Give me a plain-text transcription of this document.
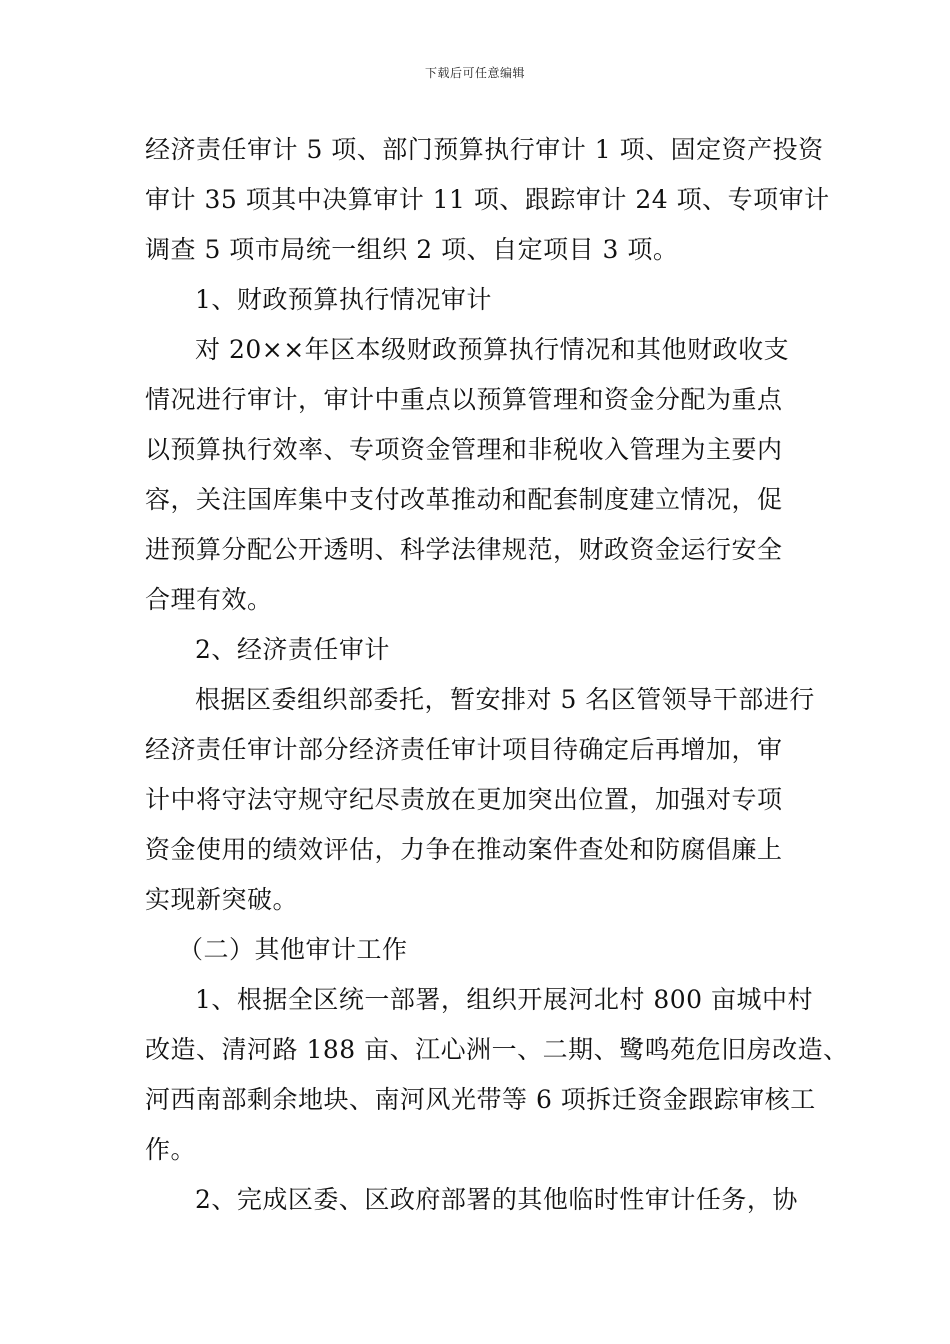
下载后可任意编辑
经济责任审计 5 项、部门预算执行审计 1 项、固定资产投资
审计 35 项其中决算审计 11 项、跟踪审计 24 项、专项审计
调查 5 项市局统一组织 2 项、自定项目 3 项。
1、财政预算执行情况审计
对 20××年区本级财政预算执行情况和其他财政收支
情况进行审计，审计中重点以预算管理和资金分配为重点
以预算执行效率、专项资金管理和非税收入管理为主要内
容，关注国库集中支付改革推动和配套制度建立情况，促
进预算分配公开透明、科学法律规范，财政资金运行安全
合理有效。
2、经济责任审计
根据区委组织部委托，暂安排对 5 名区管领导干部进行
经济责任审计部分经济责任审计项目待确定后再增加，审
计中将守法守规守纪尽责放在更加突出位置，加强对专项
资金使用的绩效评估，力争在推动案件查处和防腐倡廉上
实现新突破。
（二）其他审计工作
1、根据全区统一部署，组织开展河北村 800 亩城中村
改造、清河路 188 亩、江心洲一、二期、鹭鸣苑危旧房改造、
河西南部剩余地块、南河风光带等 6 项拆迁资金跟踪审核工
作。
2、完成区委、区政府部署的其他临时性审计任务，协
